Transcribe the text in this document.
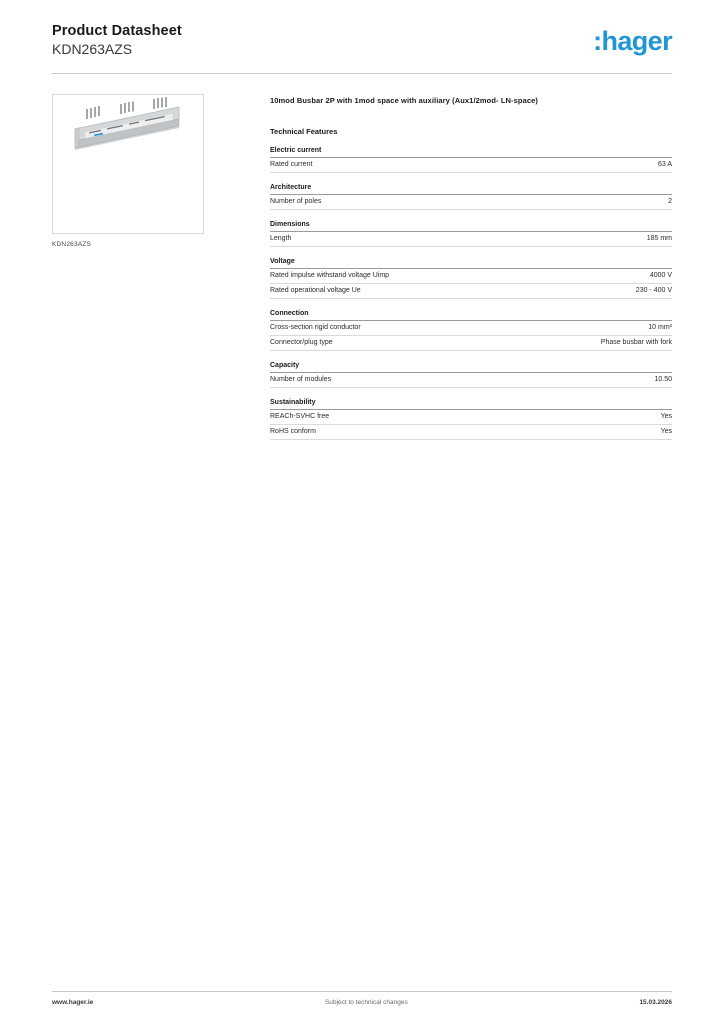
Product Datasheet
KDN263AZS	:hager
KDN263AZS
10mod Busbar 2P with 1mod space with auxiliary (Aux1/2mod- LN-space)
Technical Features
Electric current
Rated current	63 A
Architecture
Number of poles	2
Dimensions
Length	185 mm
Voltage
Rated impulse withstand voltage Uimp	4000 V
Rated operational voltage Ue	230 - 400 V
Connection
Cross-section rigid conductor	10 mm²
Connector/plug type	Phase busbar with fork
Capacity
Number of modules	10.50
Sustainability
REACh-SVHC free	Yes
RoHS conform	Yes
www.hager.ie	Subject to technical changes	15.03.2026
